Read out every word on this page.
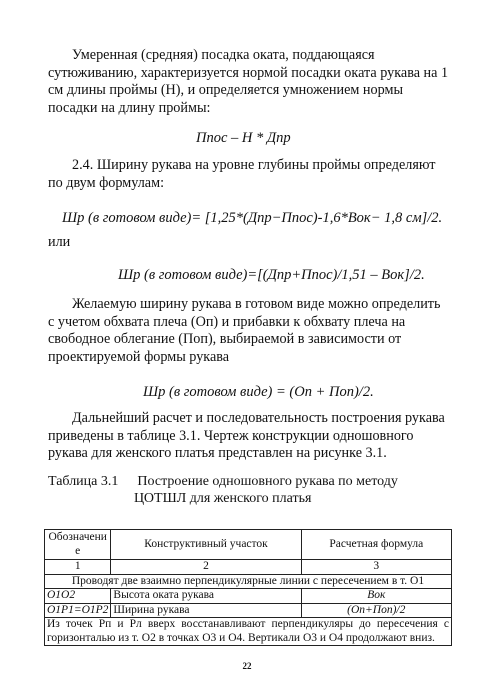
Умеренная (средняя) посадка оката, поддающаяся
сутюживанию, характеризуется нормой посадки оката рукава на 1
см длины проймы (Н), и определяется умножением нормы
посадки на длину проймы:
Ппос – Н * Дпр
2.4. Ширину рукава на уровне глубины проймы определяют
по двум формулам:
Шр (в готовом виде)= [1,25*(Дпр−Ппос)-1,6*Вок− 1,8 см]/2.
или
Шр (в готовом виде)=[(Дпр+Ппос)/1,51 – Вок]/2.
Желаемую ширину рукава в готовом виде можно определить
с учетом обхвата плеча (Оп) и прибавки к обхвату плеча на
свободное облегание (Поп), выбираемой в зависимости от
проектируемой формы рукава
Шр (в готовом виде) = (Оп + Поп)/2.
Дальнейший расчет и последовательность построения рукава
приведены в таблице 3.1. Чертеж конструкции одношовного
рукава для женского платья представлен на рисунке 3.1.
Таблица 3.1 Построение одношовного рукава по методу
ЦОТШЛ для женского платья
Обозначени е	Конструктивный участок	Расчетная формула
1	2	3
Проводят две взаимно перпендикулярные линии с пересечением в т. О1		
О1О2	Высота оката рукава	Вок
О1Р1=О1Р2	Ширина рукава	(Оп+Поп)/2
Из точек Рп и Рл вверх восстанавливают перпендикуляры до пересечения с горизонталью из т. О2 в точках О3 и О4. Вертикали О3 и О4 продолжают вниз.		
22
